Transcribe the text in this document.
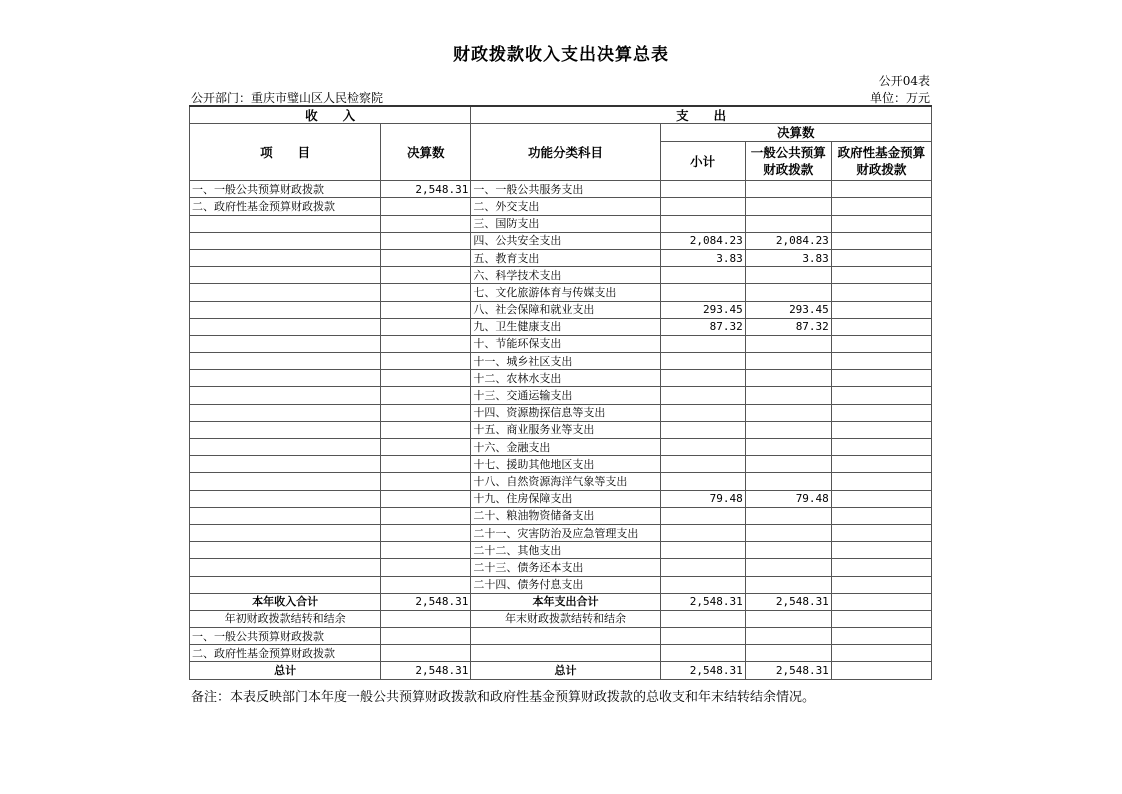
财政拨款收入支出决算总表
公开04表
公开部门：重庆市璧山区人民检察院	单位：万元
收　　入		支　　出			
项　　目	决算数	功能分类科目	决算数		
			小计	一般公共预算财政拨款	政府性基金预算财政拨款
一、一般公共预算财政拨款	2,548.31	一、一般公共服务支出			
二、政府性基金预算财政拨款		二、外交支出			
		三、国防支出			
		四、公共安全支出	2,084.23	2,084.23	
		五、教育支出	3.83	3.83	
		六、科学技术支出			
		七、文化旅游体育与传媒支出			
		八、社会保障和就业支出	293.45	293.45	
		九、卫生健康支出	87.32	87.32	
		十、节能环保支出			
		十一、城乡社区支出			
		十二、农林水支出			
		十三、交通运输支出			
		十四、资源勘探信息等支出			
		十五、商业服务业等支出			
		十六、金融支出			
		十七、援助其他地区支出			
		十八、自然资源海洋气象等支出			
		十九、住房保障支出	79.48	79.48	
		二十、粮油物资储备支出			
		二十一、灾害防治及应急管理支出			
		二十二、其他支出			
		二十三、债务还本支出			
		二十四、债务付息支出			
本年收入合计	2,548.31	本年支出合计	2,548.31	2,548.31	
年初财政拨款结转和结余		年末财政拨款结转和结余			
一、一般公共预算财政拨款					
二、政府性基金预算财政拨款					
总计	2,548.31	总计	2,548.31	2,548.31	
备注：本表反映部门本年度一般公共预算财政拨款和政府性基金预算财政拨款的总收支和年末结转结余情况。
